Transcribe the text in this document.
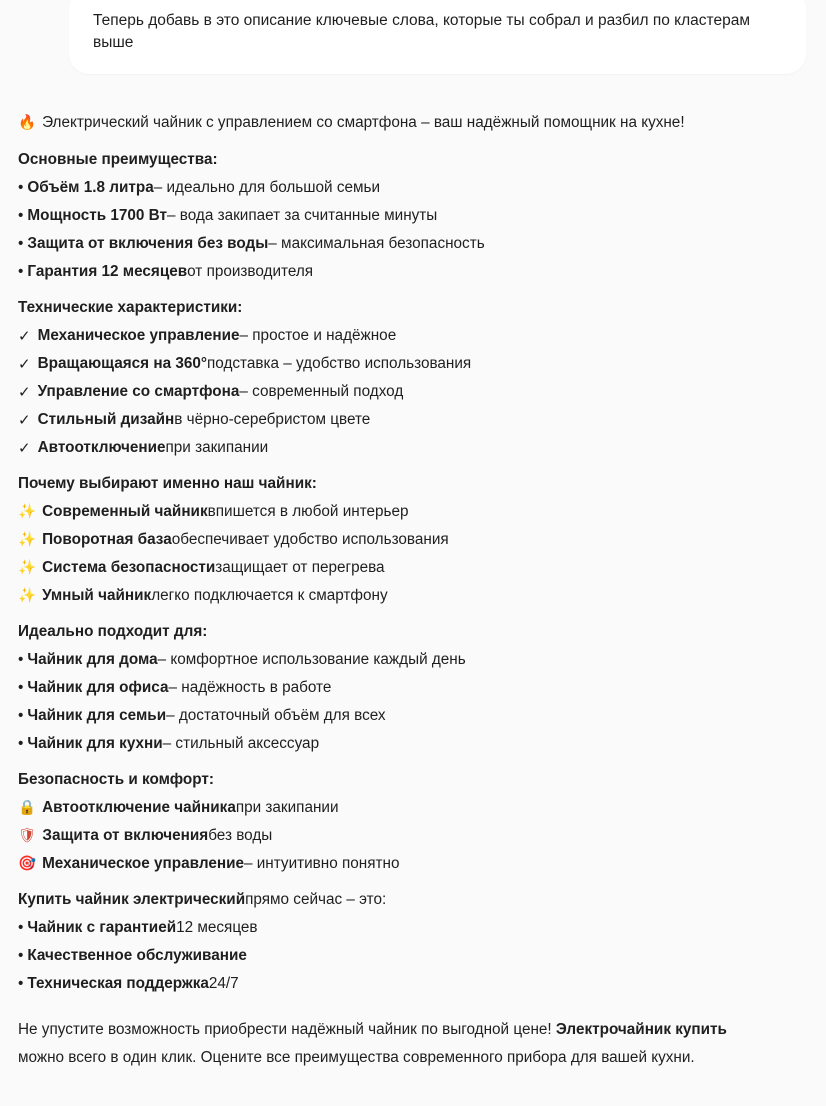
Теперь добавь в это описание ключевые слова, которые ты собрал и разбил по кластерам выше
🔥 Электрический чайник с управлением со смартфона – ваш надёжный помощник на кухне!
Основные преимущества:
• Объём 1.8 литра – идеально для большой семьи
• Мощность 1700 Вт – вода закипает за считанные минуты
• Защита от включения без воды – максимальная безопасность
• Гарантия 12 месяцев от производителя
Технические характеристики:
✓ Механическое управление – простое и надёжное
✓ Вращающаяся на 360° подставка – удобство использования
✓ Управление со смартфона – современный подход
✓ Стильный дизайн в чёрно-серебристом цвете
✓ Автоотключение при закипании
Почему выбирают именно наш чайник:
✨ Современный чайник впишется в любой интерьер
✨ Поворотная база обеспечивает удобство использования
✨ Система безопасности защищает от перегрева
✨ Умный чайник легко подключается к смартфону
Идеально подходит для:
• Чайник для дома – комфортное использование каждый день
• Чайник для офиса – надёжность в работе
• Чайник для семьи – достаточный объём для всех
• Чайник для кухни – стильный аксессуар
Безопасность и комфорт:
🔒 Автоотключение чайника при закипании
🛡 Защита от включения без воды
🎯 Механическое управление – интуитивно понятно
Купить чайник электрический прямо сейчас – это:
• Чайник с гарантией 12 месяцев
• Качественное обслуживание
• Техническая поддержка 24/7
Не упустите возможность приобрести надёжный чайник по выгодной цене! Электрочайник купить можно всего в один клик. Оцените все преимущества современного прибора для вашей кухни.
